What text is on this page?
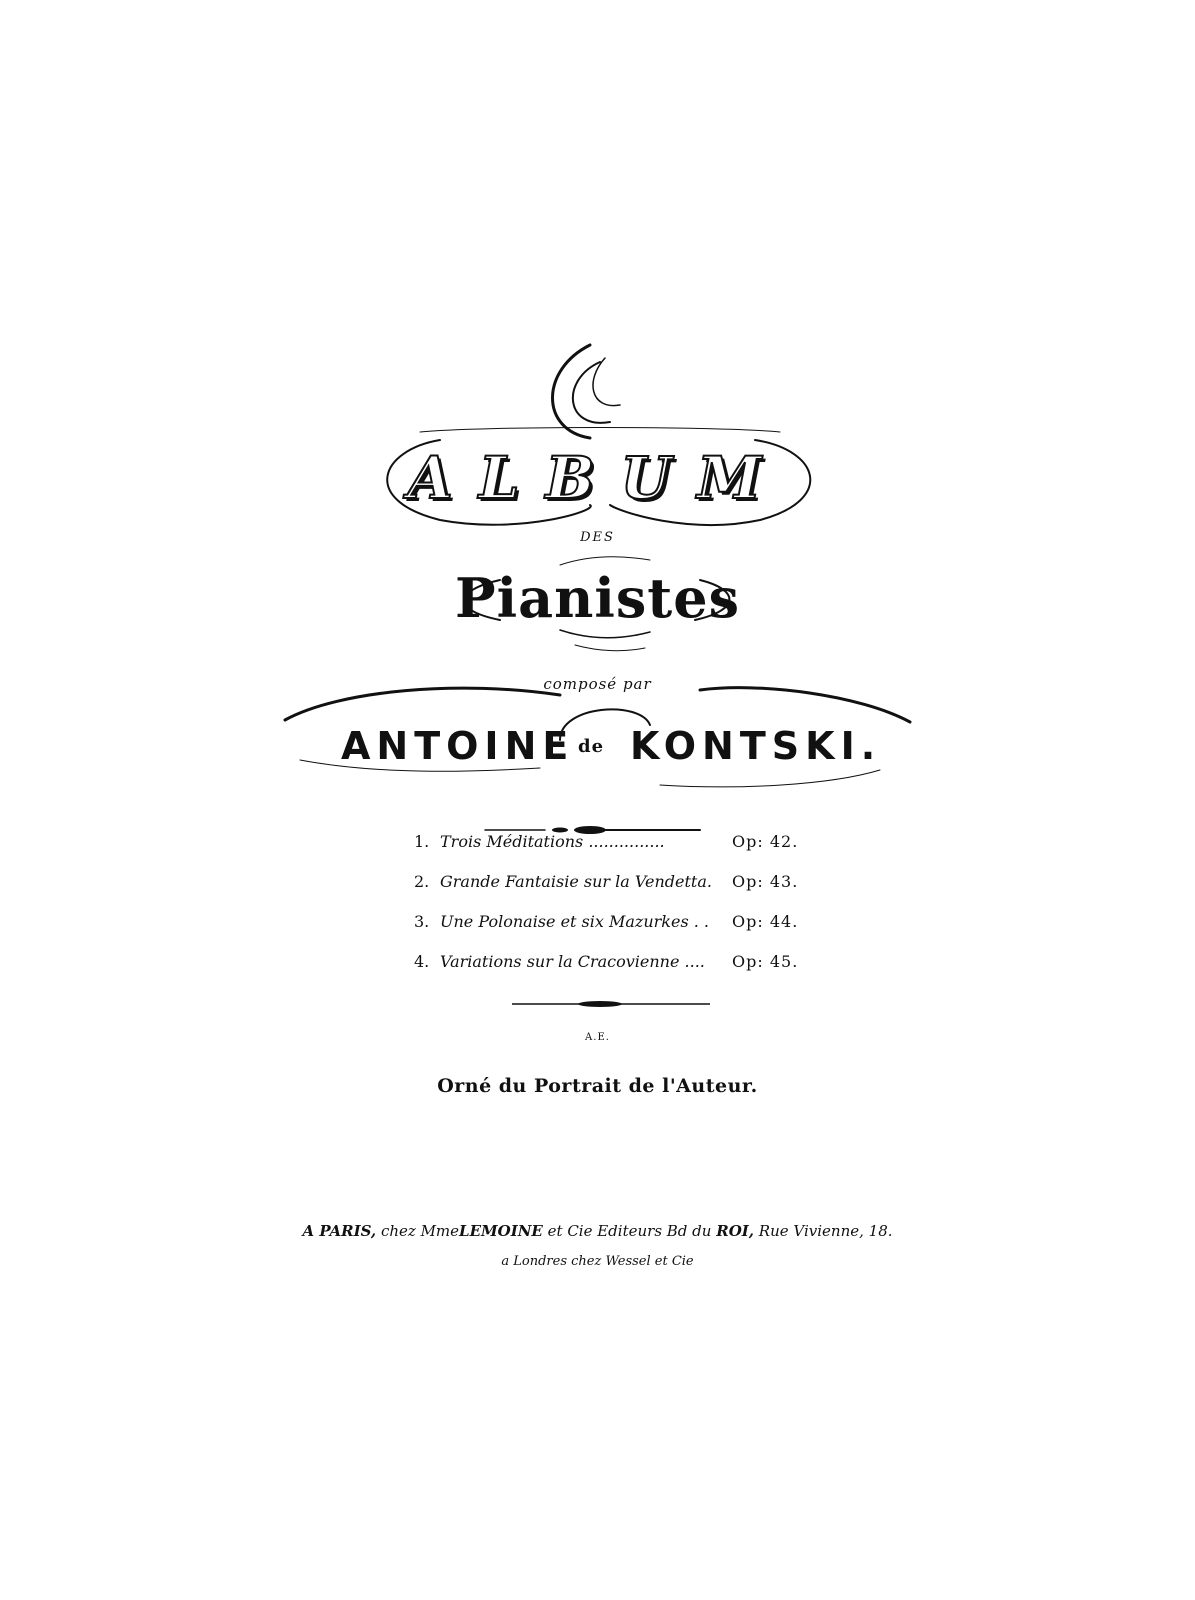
ALBUM
DES
Pianistes
composé par
ANTOINE de KONTSKI.
1. Trois Méditations ...............	Op: 42.
2. Grande Fantaisie sur la Vendetta. Op: 43.
3. Une Polonaise et six Mazurkes . . Op: 44.
4. Variations sur la Cracovienne .... Op: 45.
A.E.
Orné du Portrait de l'Auteur.
A PARIS, chez MmeLEMOINE et Cie Editeurs Bd du ROI, Rue Vivienne, 18.
a Londres chez Wessel et Cie
